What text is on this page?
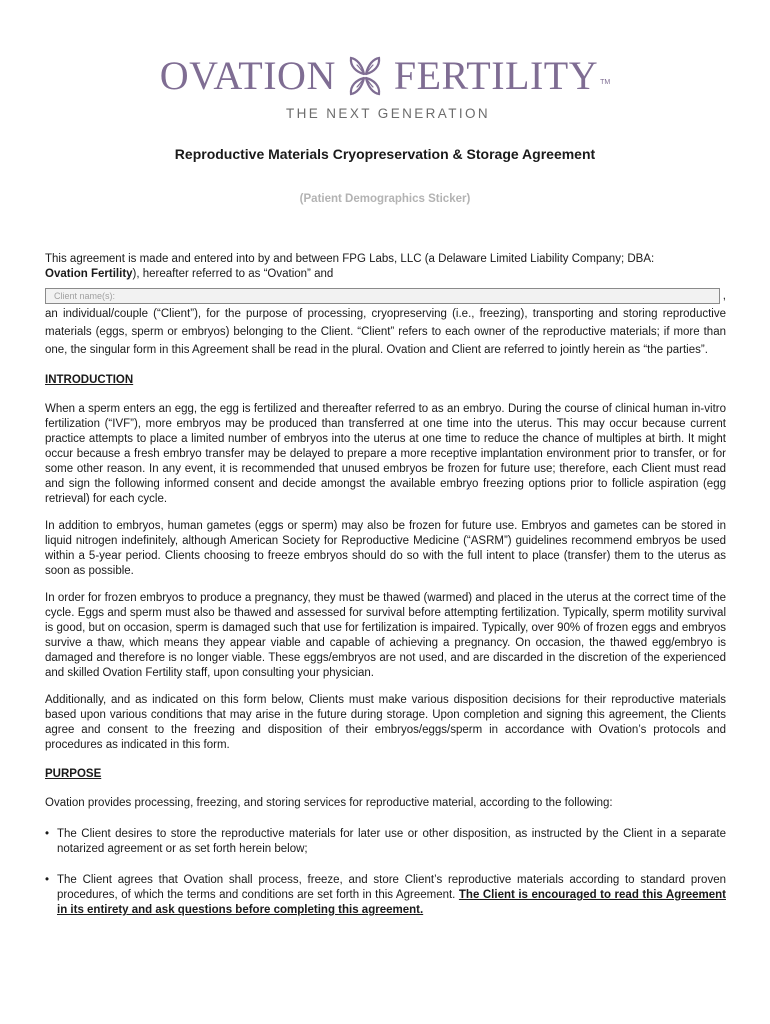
OVATION FERTILITY TM
THE NEXT GENERATION
Reproductive Materials Cryopreservation & Storage Agreement
(Patient Demographics Sticker)

This agreement is made and entered into by and between FPG Labs, LLC (a Delaware Limited Liability Company; DBA:

Ovation Fertility), hereafter referred to as “Ovation” and

Client name(s):	,

an individual/couple (“Client”), for the purpose of processing, cryopreserving (i.e., freezing), transporting and storing reproductive materials (eggs, sperm or embryos) belonging to the Client. “Client” refers to each owner of the reproductive materials; if more than one, the singular form in this Agreement shall be read in the plural. Ovation and Client are referred to jointly herein as “the parties”.

INTRODUCTION

When a sperm enters an egg, the egg is fertilized and thereafter referred to as an embryo. During the course of clinical human in-vitro fertilization (“IVF”), more embryos may be produced than transferred at one time into the uterus. This may occur because current practice attempts to place a limited number of embryos into the uterus at one time to reduce the chance of multiples at birth. It might occur because a fresh embryo transfer may be delayed to prepare a more receptive implantation environment prior to transfer, or for some other reason. In any event, it is recommended that unused embryos be frozen for future use; therefore, each Client must read and sign the following informed consent and decide amongst the available embryo freezing options prior to follicle aspiration (egg retrieval) for each cycle.

In addition to embryos, human gametes (eggs or sperm) may also be frozen for future use. Embryos and gametes can be stored in liquid nitrogen indefinitely, although American Society for Reproductive Medicine (“ASRM”) guidelines recommend embryos be used within a 5-year period. Clients choosing to freeze embryos should do so with the full intent to place (transfer) them to the uterus as soon as possible.

In order for frozen embryos to produce a pregnancy, they must be thawed (warmed) and placed in the uterus at the correct time of the cycle. Eggs and sperm must also be thawed and assessed for survival before attempting fertilization. Typically, sperm motility survival is good, but on occasion, sperm is damaged such that use for fertilization is impaired. Typically, over 90% of frozen eggs and embryos survive a thaw, which means they appear viable and capable of achieving a pregnancy. On occasion, the thawed egg/embryo is damaged and therefore is no longer viable. These eggs/embryos are not used, and are discarded in the discretion of the experienced and skilled Ovation Fertility staff, upon consulting your physician.

Additionally, and as indicated on this form below, Clients must make various disposition decisions for their reproductive materials based upon various conditions that may arise in the future during storage. Upon completion and signing this agreement, the Clients agree and consent to the freezing and disposition of their embryos/eggs/sperm in accordance with Ovation’s protocols and procedures as indicated in this form.

PURPOSE

Ovation provides processing, freezing, and storing services for reproductive material, according to the following:

• The Client desires to store the reproductive materials for later use or other disposition, as instructed by the Client in a separate notarized agreement or as set forth herein below;
• The Client agrees that Ovation shall process, freeze, and store Client’s reproductive materials according to standard proven procedures, of which the terms and conditions are set forth in this Agreement. The Client is encouraged to read this Agreement in its entirety and ask questions before completing this agreement.
